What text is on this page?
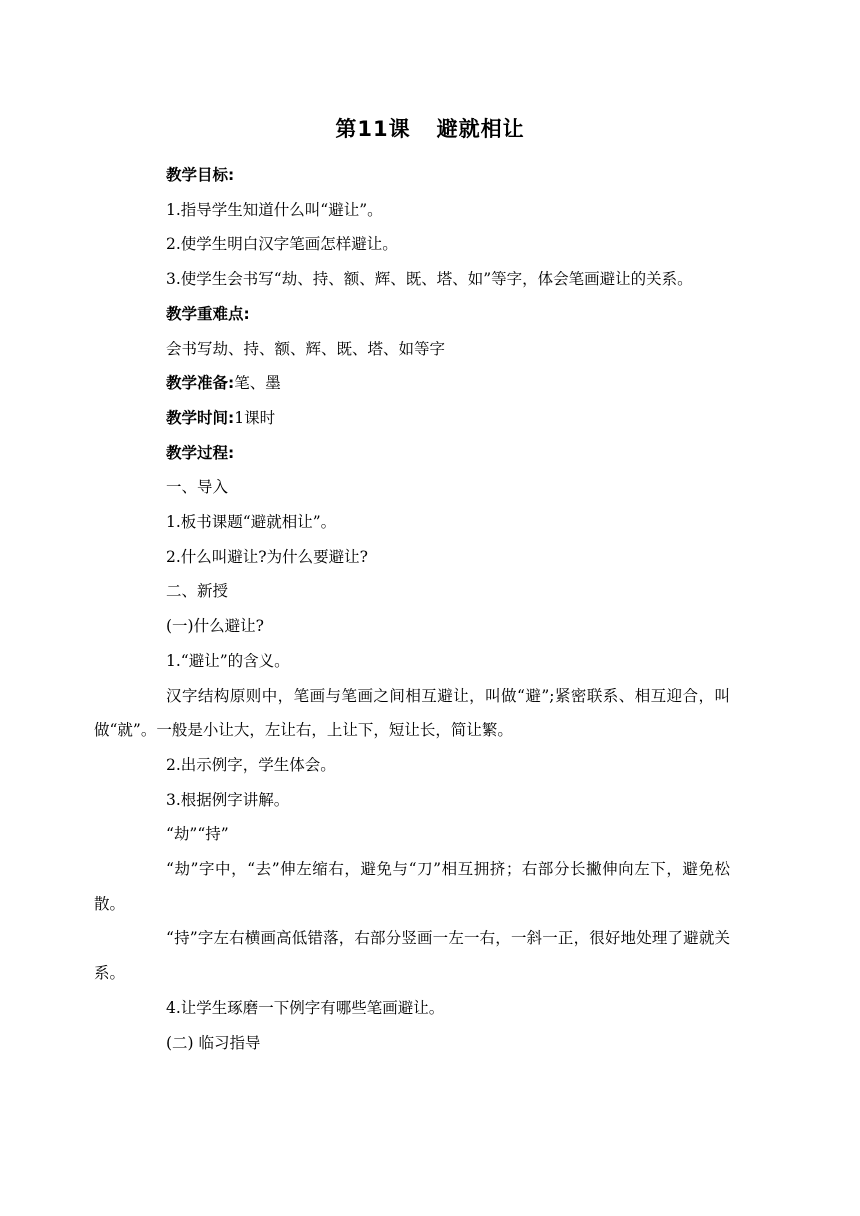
第11课 避就相让

教学目标:

1.指导学生知道什么叫“避让”。

2.使学生明白汉字笔画怎样避让。

3.使学生会书写“劫、持、额、辉、既、塔、如”等字，体会笔画避让的关系。

教学重难点:

会书写劫、持、额、辉、既、塔、如等字

教学准备:笔、墨

教学时间:1课时

教学过程:

一、导入

1.板书课题“避就相让”。

2.什么叫避让?为什么要避让?

二、新授

(一)什么避让?

1.“避让”的含义。

汉字结构原则中，笔画与笔画之间相互避让，叫做“避”;紧密联系、相互迎合，叫做“就”。一般是小让大，左让右，上让下，短让长，简让繁。

2.出示例字，学生体会。

3.根据例字讲解。

“劫”“持”

“劫”字中，“去”伸左缩右，避免与“刀”相互拥挤；右部分长撇伸向左下，避免松散。

“持”字左右横画高低错落，右部分竖画一左一右，一斜一正，很好地处理了避就关系。

4.让学生琢磨一下例字有哪些笔画避让。

(二) 临习指导
